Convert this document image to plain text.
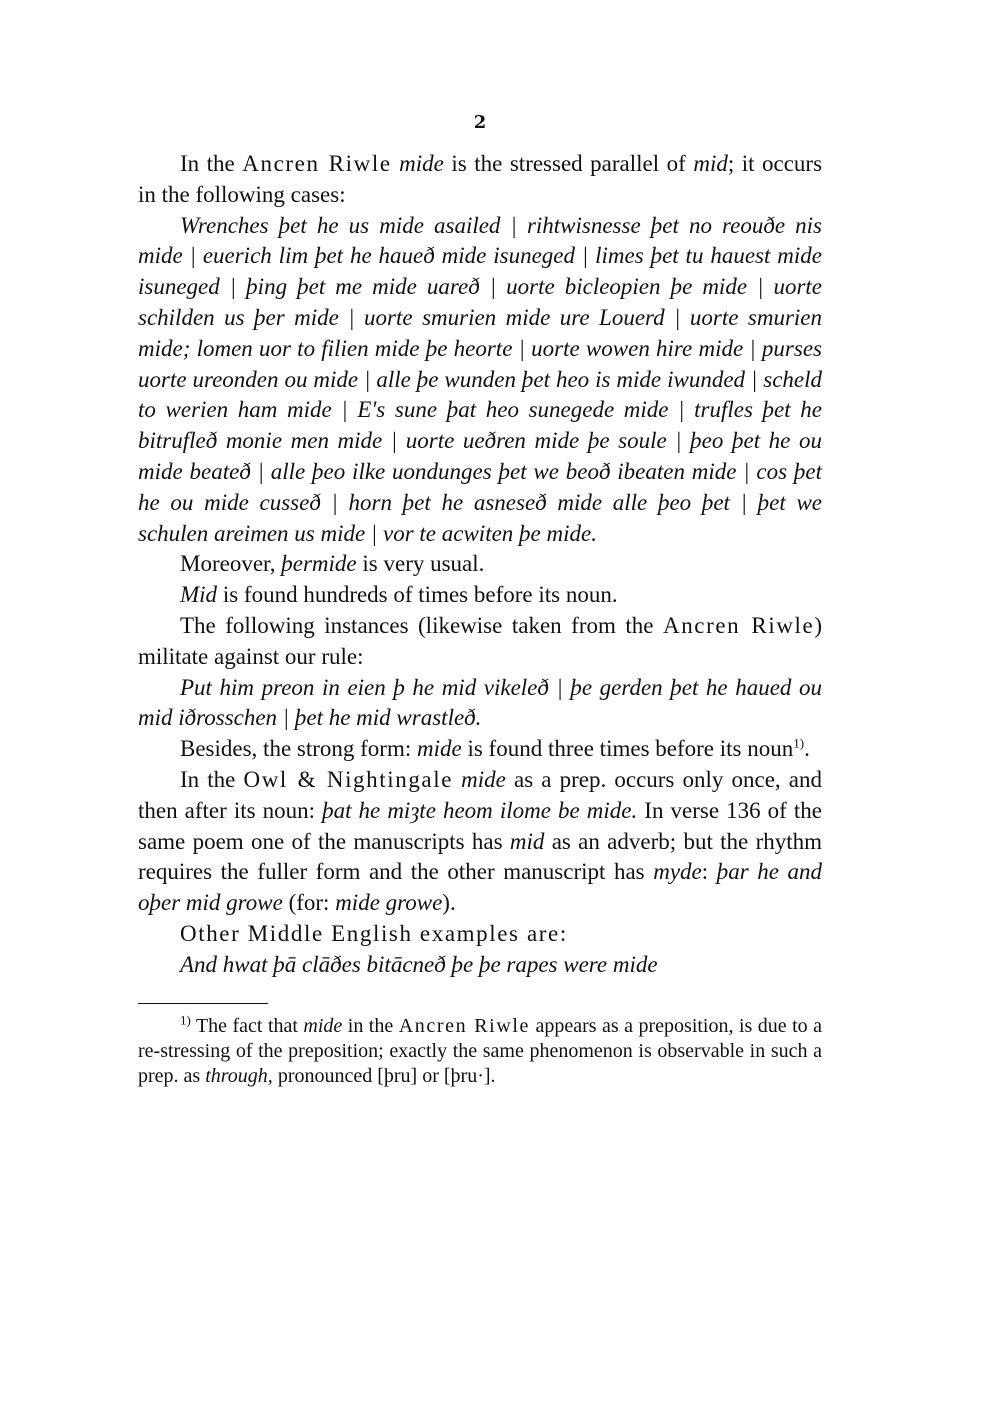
2

In the Ancren Riwle mide is the stressed parallel of mid; it occurs in the following cases:

Wrenches þet he us mide asailed | rihtwisnesse þet no reouðe nis mide | euerich lim þet he haueð mide isuneged | limes þet tu hauest mide isuneged | þing þet me mide uareð | uorte bicleopien þe mide | uorte schilden us þer mide | uorte smurien mide ure Louerd | uorte smurien mide; lomen uor to filien mide þe heorte | uorte wowen hire mide | purses uorte ureonden ou mide | alle þe wunden þet heo is mide iwunded | scheld to werien ham mide | E's sune þat heo sunegede mide | trufles þet he bitrufleð monie men mide | uorte ueðren mide þe soule | þeo þet he ou mide beateð | alle þeo ilke uondunges þet we beoð ibeaten mide | cos þet he ou mide cusseð | horn þet he asneseð mide alle þeo þet | þet we schulen areimen us mide | vor te acwiten þe mide.

Moreover, þermide is very usual.

Mid is found hundreds of times before its noun.

The following instances (likewise taken from the Ancren Riwle) militate against our rule:

Put him preon in eien þ he mid vikeleð | þe gerden þet he haued ou mid iðrosschen | þet he mid wrastleð.

Besides, the strong form: mide is found three times before its noun$^{1)}$.

In the Owl & Nightingale mide as a prep. occurs only once, and then after its noun: þat he miȝte heom ilome be mide. In verse 136 of the same poem one of the manuscripts has mid as an adverb; but the rhythm requires the fuller form and the other manuscript has myde: þar he and oþer mid growe (for: mide growe).

Other Middle English examples are:

And hwat þā clāðes bitācneð þe þe rapes were mide

$^{1)}$ The fact that mide in the Ancren Riwle appears as a preposition, is due to a re-stressing of the preposition; exactly the same phenomenon is observable in such a prep. as through, pronounced [þru] or [þru·].
